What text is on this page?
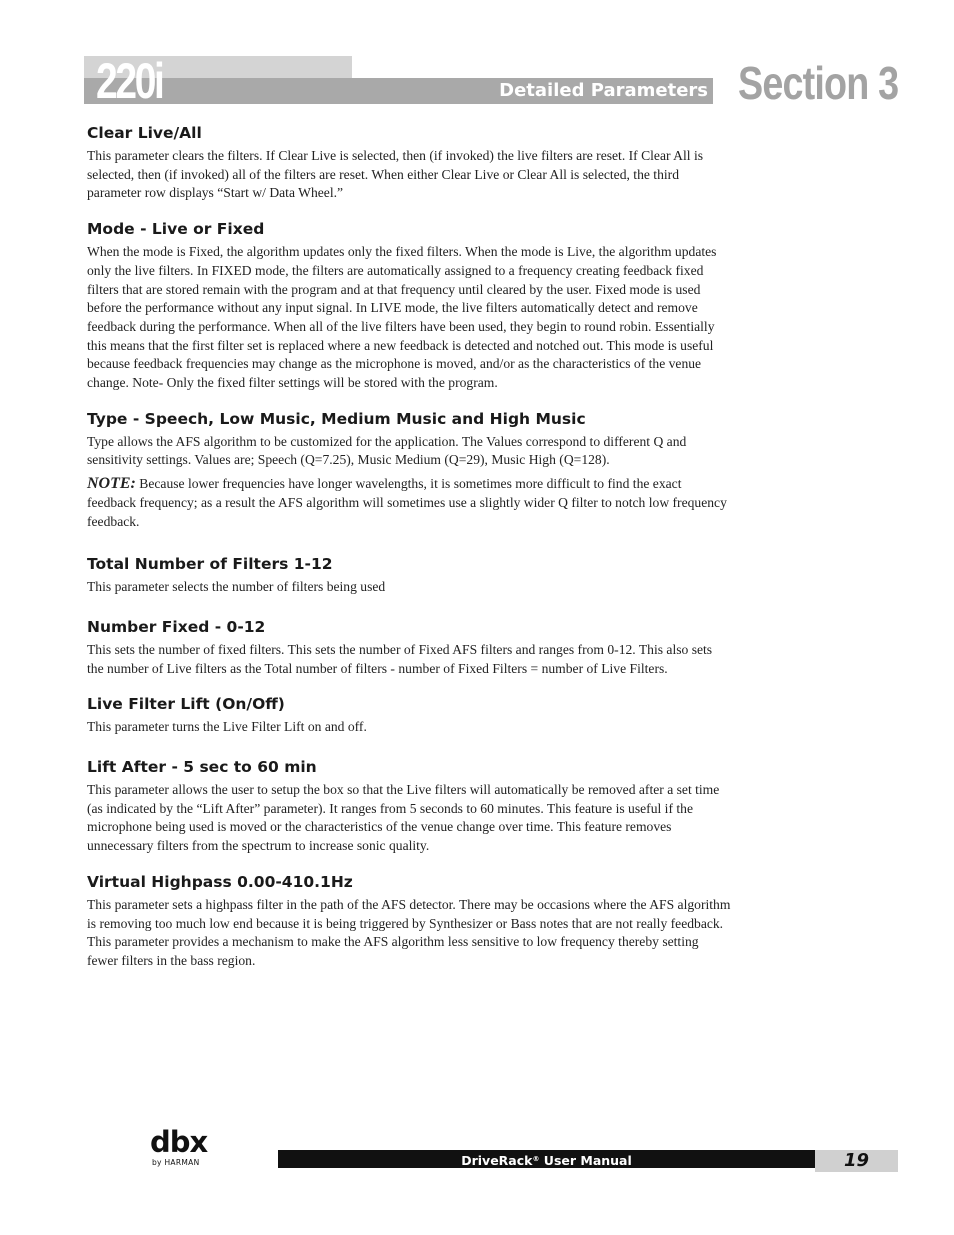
220i	Detailed Parameters Section 3
Clear Live/All

This parameter clears the filters. If Clear Live is selected, then (if invoked) the live filters are reset. If Clear All is selected, then (if invoked) all of the filters are reset. When either Clear Live or Clear All is selected, the third parameter row displays “Start w/ Data Wheel.”

Mode - Live or Fixed

When the mode is Fixed, the algorithm updates only the fixed filters. When the mode is Live, the algorithm updates only the live filters. In FIXED mode, the filters are automatically assigned to a frequency creating feedback fixed filters that are stored remain with the program and at that frequency until cleared by the user. Fixed mode is used before the performance without any input signal. In LIVE mode, the live filters automatically detect and remove feedback during the performance. When all of the live filters have been used, they begin to round robin. Essentially this means that the first filter set is replaced where a new feedback is detected and notched out. This mode is useful because feedback frequencies may change as the microphone is moved, and/or as the characteristics of the venue change. Note- Only the fixed filter settings will be stored with the program.

Type - Speech, Low Music, Medium Music and High Music

Type allows the AFS algorithm to be customized for the application. The Values correspond to different Q and sensitivity settings. Values are; Speech (Q=7.25), Music Medium (Q=29), Music High (Q=128).

NOTE: Because lower frequencies have longer wavelengths, it is sometimes more difficult to find the exact feedback frequency; as a result the AFS algorithm will sometimes use a slightly wider Q filter to notch low frequency feedback.

Total Number of Filters 1-12

This parameter selects the number of filters being used

Number Fixed - 0-12

This sets the number of fixed filters. This sets the number of Fixed AFS filters and ranges from 0-12. This also sets the number of Live filters as the Total number of filters - number of Fixed Filters = number of Live Filters.

Live Filter Lift (On/Off)

This parameter turns the Live Filter Lift on and off.

Lift After - 5 sec to 60 min

This parameter allows the user to setup the box so that the Live filters will automatically be removed after a set time (as indicated by the “Lift After” parameter). It ranges from 5 seconds to 60 minutes. This feature is useful if the microphone being used is moved or the characteristics of the venue change over time. This feature removes unnecessary filters from the spectrum to increase sonic quality.

Virtual Highpass 0.00-410.1Hz

This parameter sets a highpass filter in the path of the AFS detector. There may be occasions where the AFS algorithm is removing too much low end because it is being triggered by Synthesizer or Bass notes that are not really feedback. This parameter provides a mechanism to make the AFS algorithm less sensitive to low frequency thereby setting fewer filters in the bass region.

dbx
by HARMAN	DriveRack® User Manual	19
